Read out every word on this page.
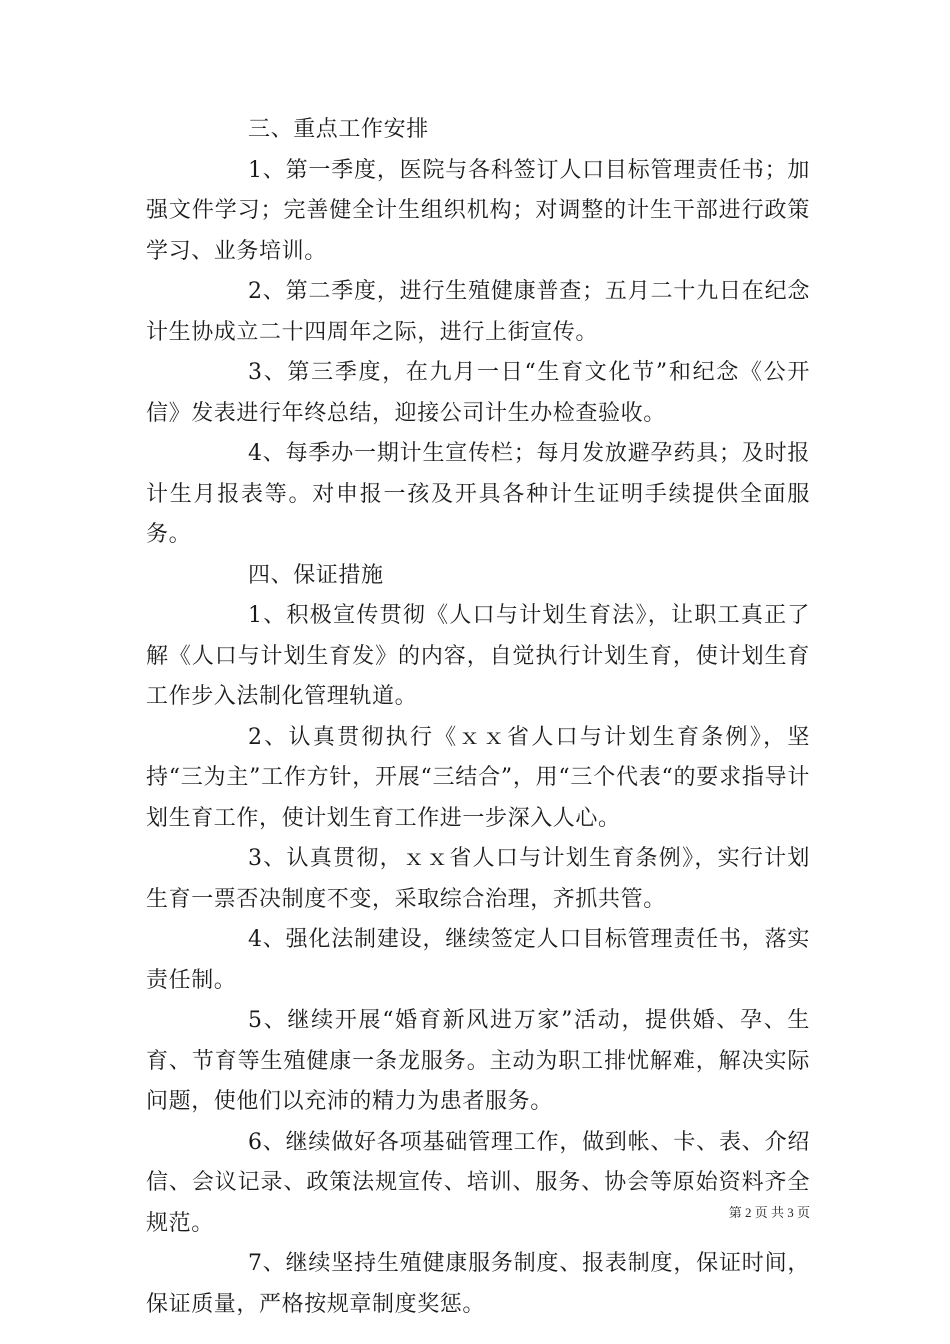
三、重点工作安排

1、第一季度，医院与各科签订人口目标管理责任书；加强文件学习；完善健全计生组织机构；对调整的计生干部进行政策学习、业务培训。

2、第二季度，进行生殖健康普查；五月二十九日在纪念计生协成立二十四周年之际，进行上街宣传。

3、第三季度，在九月一日“生育文化节”和纪念《公开信》发表进行年终总结，迎接公司计生办检查验收。

4、每季办一期计生宣传栏；每月发放避孕药具；及时报计生月报表等。对申报一孩及开具各种计生证明手续提供全面服务。

四、保证措施

1、积极宣传贯彻《人口与计划生育法》，让职工真正了解《人口与计划生育发》的内容，自觉执行计划生育，使计划生育工作步入法制化管理轨道。

2、认真贯彻执行《ｘｘ省人口与计划生育条例》，坚持“三为主”工作方针，开展“三结合”，用“三个代表“的要求指导计划生育工作，使计划生育工作进一步深入人心。

3、认真贯彻，ｘｘ省人口与计划生育条例》，实行计划生育一票否决制度不变，采取综合治理，齐抓共管。

4、强化法制建设，继续签定人口目标管理责任书，落实责任制。

5、继续开展“婚育新风进万家”活动，提供婚、孕、生育、节育等生殖健康一条龙服务。主动为职工排忧解难，解决实际问题，使他们以充沛的精力为患者服务。

6、继续做好各项基础管理工作，做到帐、卡、表、介绍信、会议记录、政策法规宣传、培训、服务、协会等原始资料齐全规范。

7、继续坚持生殖健康服务制度、报表制度，保证时间，保证质量，严格按规章制度奖惩。

第 2 页 共 3 页
